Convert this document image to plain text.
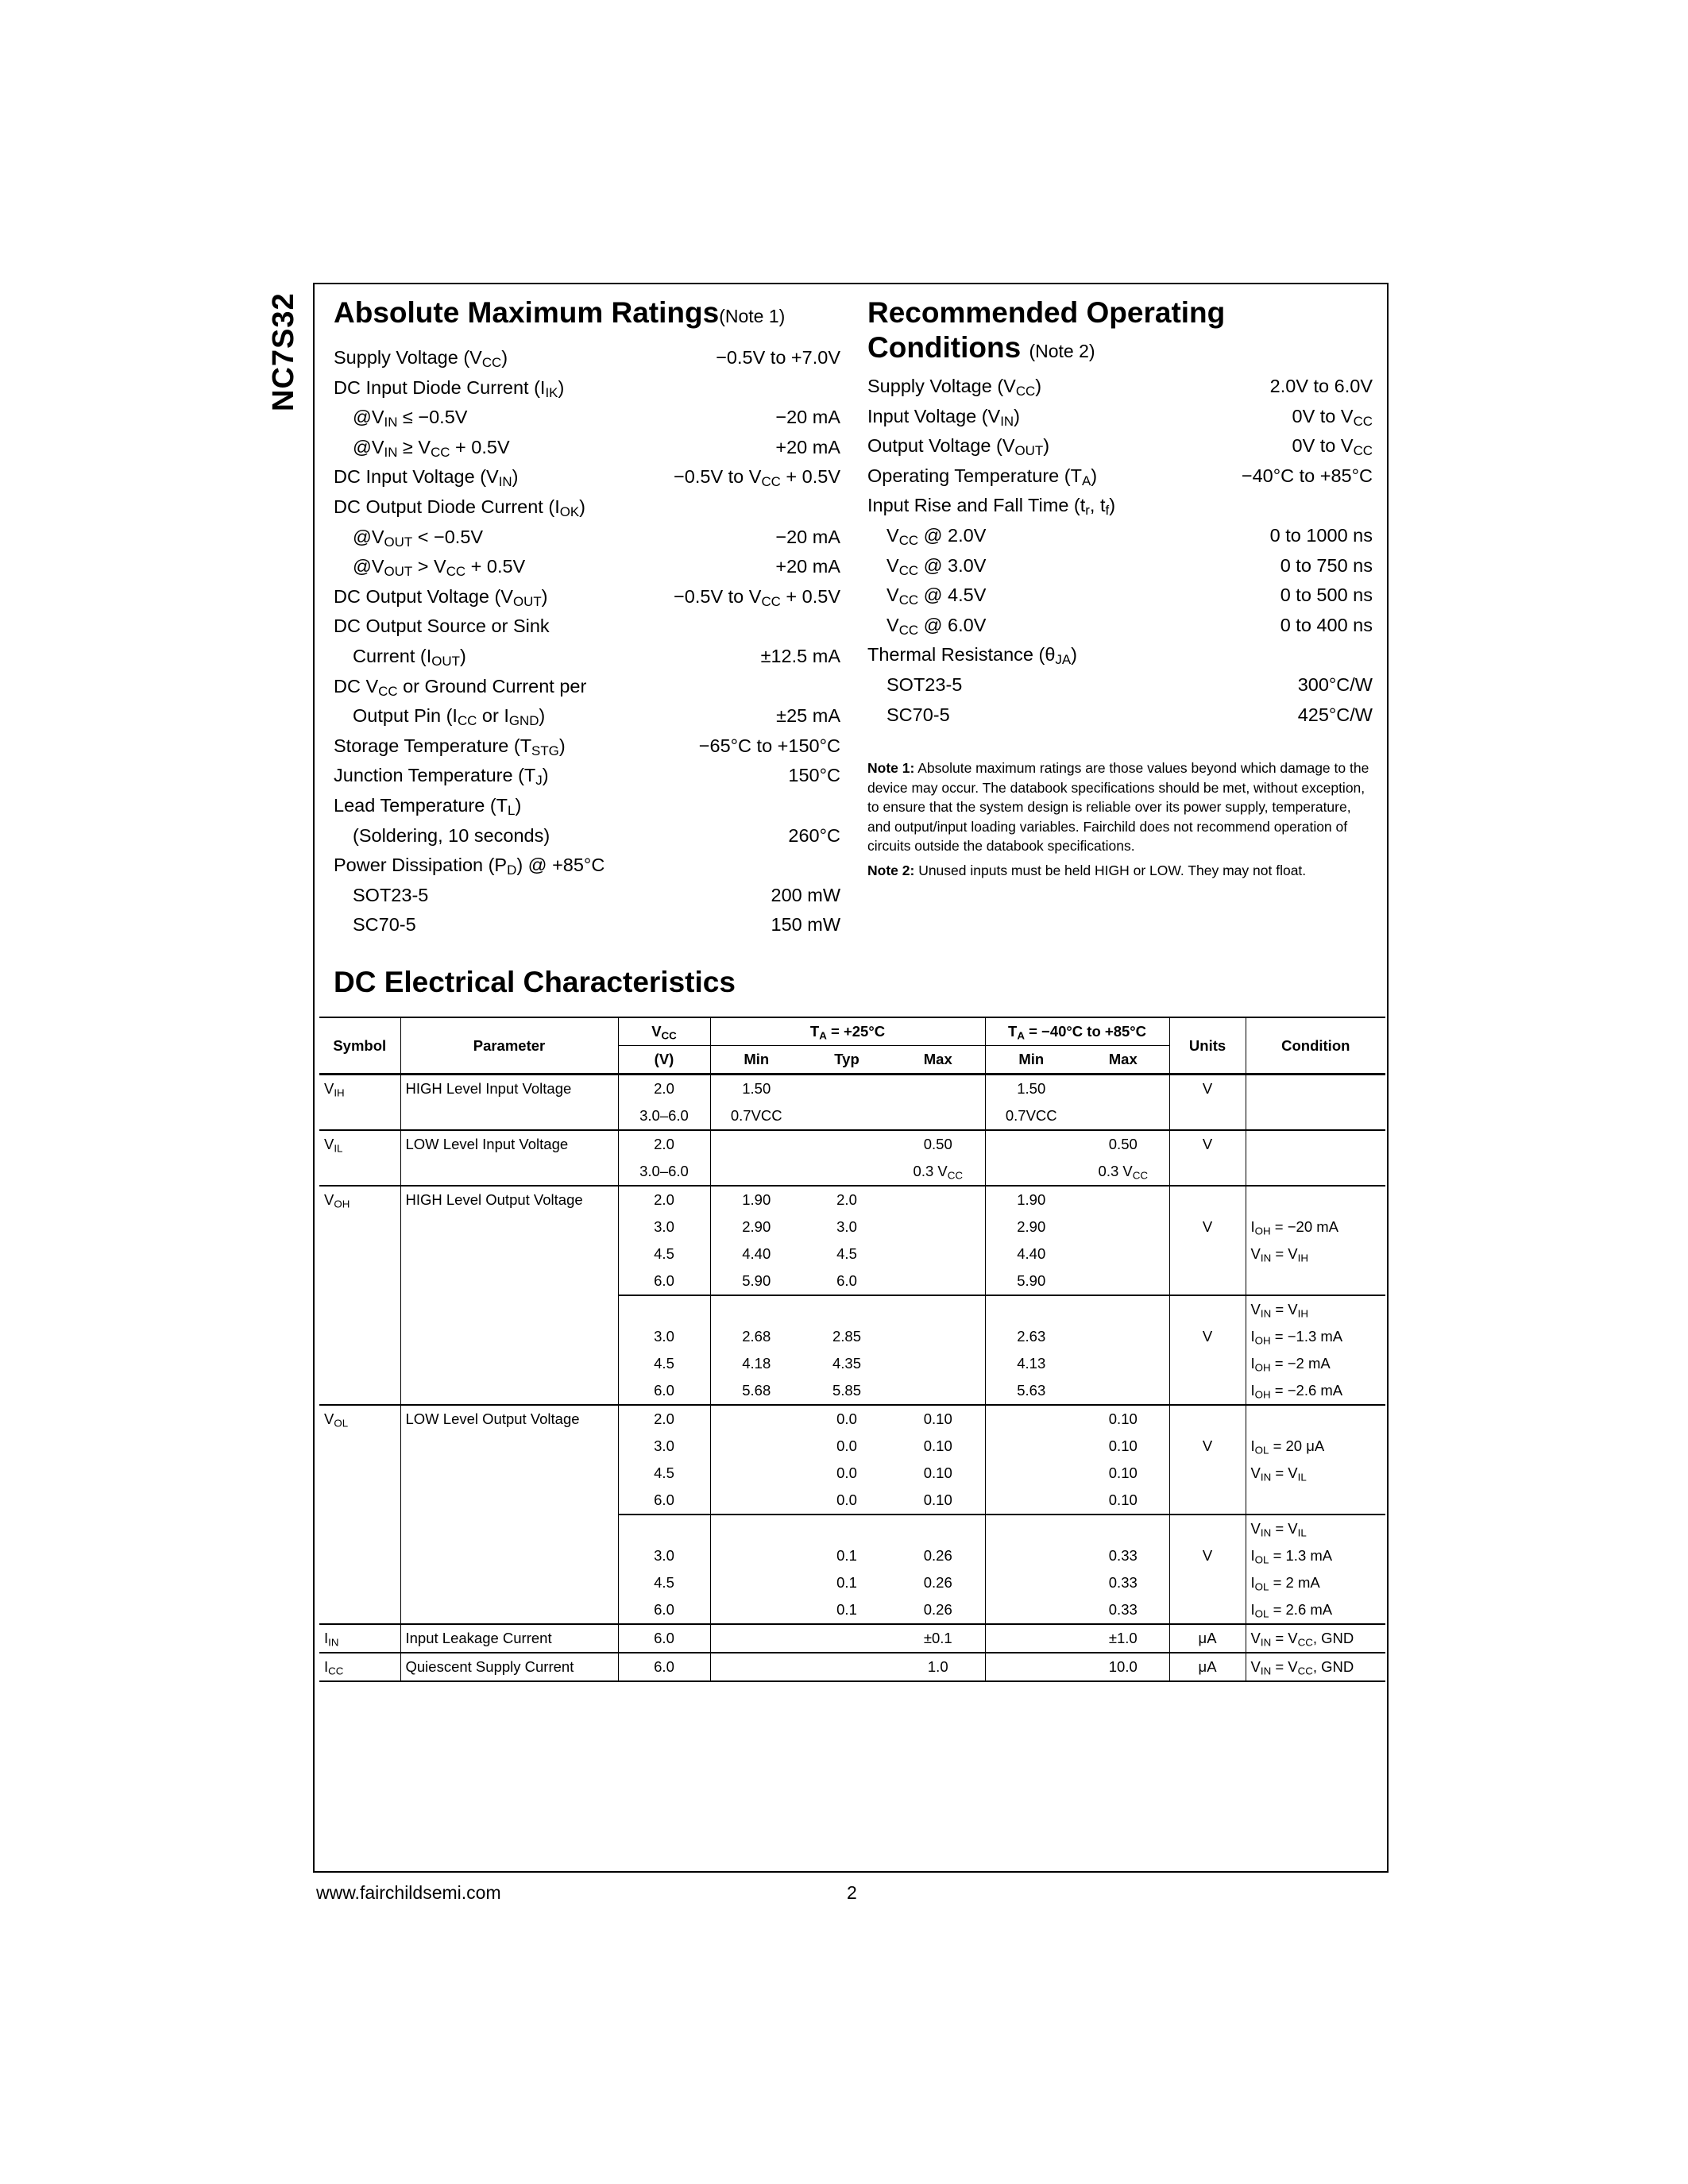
NC7S32 Absolute Maximum Ratings(Note 1)
Supply Voltage $(V_{CC})$	−0.5V to +7.0V
DC Input Diode Current $(I_{IK})$
$@V_{IN} \le -0.5V$	−20 mA
$@V_{IN} \ge V_{CC} + 0.5V$	+20 mA
DC Input Voltage $(V_{IN})$	−0.5V to $V_{CC} + 0.5V$
DC Output Diode Current $(I_{OK})$
$@V_{OUT} < -0.5V$	−20 mA
$@V_{OUT} > V_{CC} + 0.5V$	+20 mA
DC Output Voltage $(V_{OUT})$	−0.5V to $V_{CC} + 0.5V$
DC Output Source or Sink
Current $(I_{OUT})$	±12.5 mA
DC $V_{CC}$ or Ground Current per
Output Pin ($I_{CC}$ or $I_{GND}$)	±25 mA
Storage Temperature $(T_{STG})$	−65°C to +150°C
Junction Temperature $(T_J)$	150°C
Lead Temperature $(T_L)$
(Soldering, 10 seconds)	260°C
Power Dissipation $(P_D)$ @ +85°C
SOT23-5	200 mW
SC70-5	150 mW
Recommended Operating
Conditions (Note 2)
Supply Voltage $(V_{CC})$	2.0V to 6.0V
Input Voltage $(V_{IN})$	0V to $V_{CC}$
Output Voltage $(V_{OUT})$	0V to $V_{CC}$
Operating Temperature $(T_A)$	−40°C to +85°C
Input Rise and Fall Time ($t_r$, $t_f$)
$V_{CC}$ @ 2.0V	0 to 1000 ns
$V_{CC}$ @ 3.0V	0 to 750 ns
$V_{CC}$ @ 4.5V	0 to 500 ns
$V_{CC}$ @ 6.0V	0 to 400 ns
Thermal Resistance $(\theta_{JA})$
SOT23-5	300°C/W
SC70-5	425°C/W

Note 1: Absolute maximum ratings are those values beyond which damage to the device may occur. The databook specifications should be met, without exception, to ensure that the system design is reliable over its power supply, temperature, and output/input loading variables. Fairchild does not recommend operation of circuits outside the databook specifications.

Note 2: Unused inputs must be held HIGH or LOW. They may not float.

DC Electrical Characteristics
Symbol	Parameter	$V_{CC}$	$T_A = +25^\circ C$			$T_A = -40^\circ C$ to +85°C		Units	Condition
		(V)	Min	Typ	Max	Min	Max		
$V_{IH}$	HIGH Level Input Voltage	2.0	1.50			1.50		V	
		3.0–6.0	0.7VCC			0.7VCC			
$V_{IL}$	LOW Level Input Voltage	2.0			0.50		0.50	V	
		3.0–6.0			0.3 $V_{CC}$		0.3 $V_{CC}$		
$V_{OH}$	HIGH Level Output Voltage	2.0	1.90	2.0		1.90			
		3.0	2.90	3.0		2.90		V	$I_{OH} = -20$ mA
		4.5	4.40	4.5		4.40			$V_{IN} = V_{IH}$
		6.0	5.90	6.0		5.90			
									$V_{IN} = V_{IH}$
		3.0	2.68	2.85		2.63		V	$I_{OH} = -1.3$ mA
		4.5	4.18	4.35		4.13			$I_{OH} = -2$ mA
		6.0	5.68	5.85		5.63			$I_{OH} = -2.6$ mA
$V_{OL}$	LOW Level Output Voltage	2.0		0.0	0.10		0.10		
		3.0		0.0	0.10		0.10	V	$I_{OL} = 20$ μA
		4.5		0.0	0.10		0.10		$V_{IN} = V_{IL}$
		6.0		0.0	0.10		0.10		
									$V_{IN} = V_{IL}$
		3.0		0.1	0.26		0.33	V	$I_{OL} = 1.3$ mA
		4.5		0.1	0.26		0.33		$I_{OL} = 2$ mA
		6.0		0.1	0.26		0.33		$I_{OL} = 2.6$ mA
$I_{IN}$	Input Leakage Current	6.0			±0.1		±1.0	μA	$V_{IN} = V_{CC}$, GND
$I_{CC}$	Quiescent Supply Current	6.0			1.0		10.0	μA	$V_{IN} = V_{CC}$, GND
www.fairchildsemi.com	2
